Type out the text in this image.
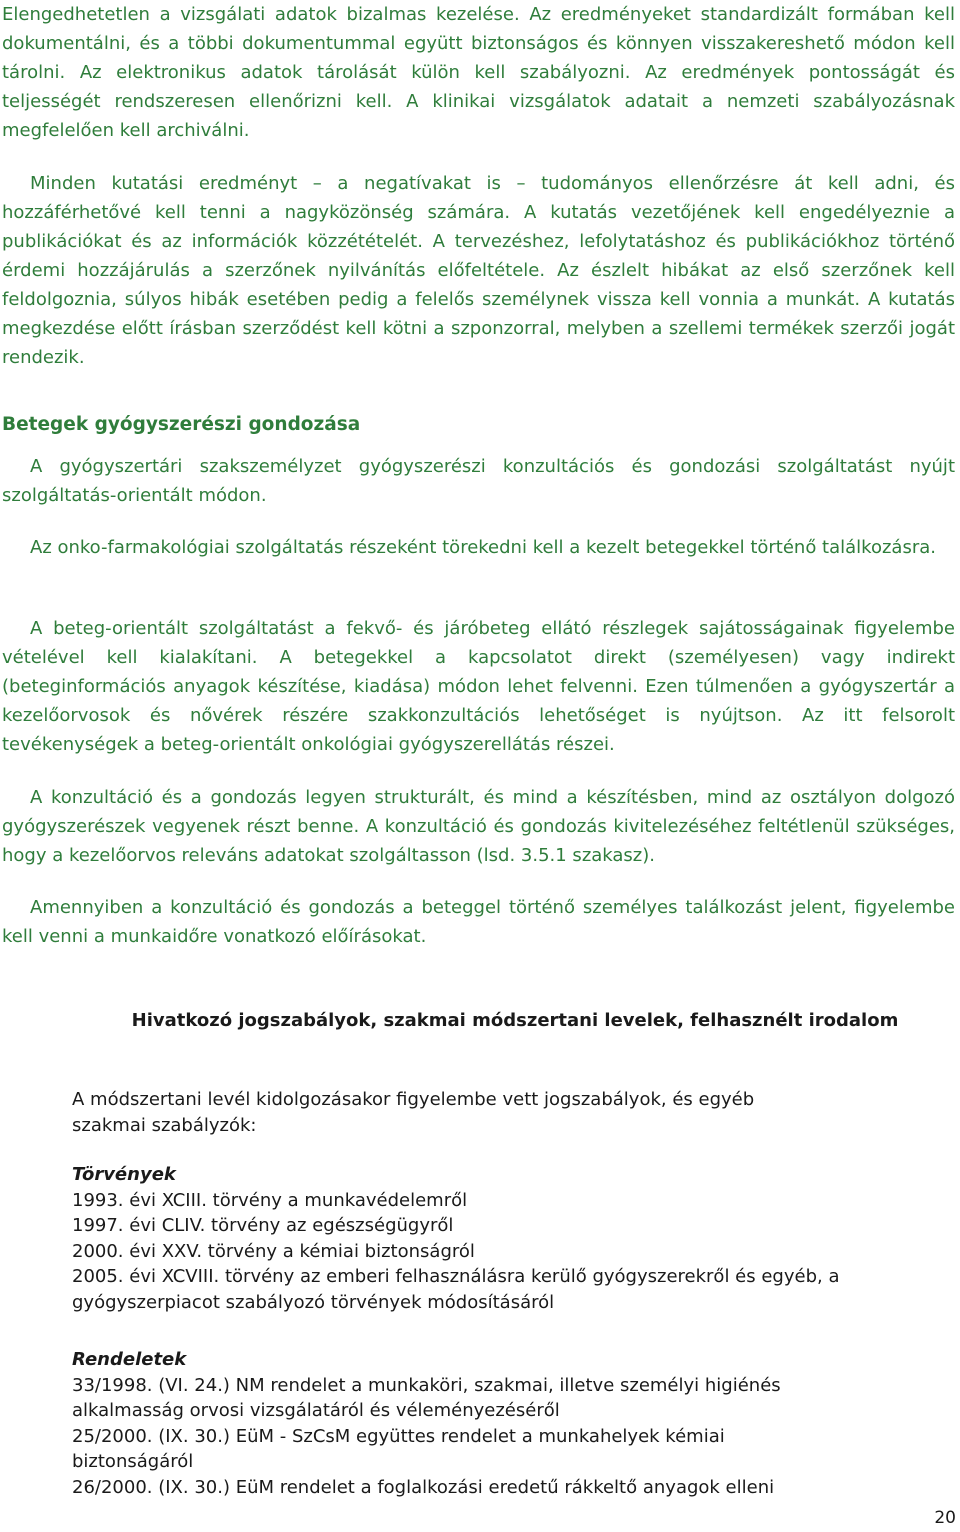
Elengedhetetlen a vizsgálati adatok bizalmas kezelése. Az eredményeket standardizált formában kell dokumentálni, és a többi dokumentummal együtt biztonságos és könnyen visszakereshető módon kell tárolni. Az elektronikus adatok tárolását külön kell szabályozni. Az eredmények pontosságát és teljességét rendszeresen ellenőrizni kell. A klinikai vizsgálatok adatait a nemzeti szabályozásnak megfelelően kell archiválni.

Minden kutatási eredményt – a negatívakat is – tudományos ellenőrzésre át kell adni, és hozzáférhetővé kell tenni a nagyközönség számára. A kutatás vezetőjének kell engedélyeznie a publikációkat és az információk közzétételét. A tervezéshez, lefolytatáshoz és publikációkhoz történő érdemi hozzájárulás a szerzőnek nyilvánítás előfeltétele. Az észlelt hibákat az első szerzőnek kell feldolgoznia, súlyos hibák esetében pedig a felelős személynek vissza kell vonnia a munkát. A kutatás megkezdése előtt írásban szerződést kell kötni a szponzorral, melyben a szellemi termékek szerzői jogát rendezik.

Betegek gyógyszerészi gondozása

A gyógyszertári szakszemélyzet gyógyszerészi konzultációs és gondozási szolgáltatást nyújt szolgáltatás-orientált módon.

Az onko-farmakológiai szolgáltatás részeként törekedni kell a kezelt betegekkel történő találkozásra.

A beteg-orientált szolgáltatást a fekvő- és járóbeteg ellátó részlegek sajátosságainak figyelembe vételével kell kialakítani. A betegekkel a kapcsolatot direkt (személyesen) vagy indirekt (beteginformációs anyagok készítése, kiadása) módon lehet felvenni. Ezen túlmenően a gyógyszertár a kezelőorvosok és nővérek részére szakkonzultációs lehetőséget is nyújtson. Az itt felsorolt tevékenységek a beteg-orientált onkológiai gyógyszerellátás részei.

A konzultáció és a gondozás legyen strukturált, és mind a készítésben, mind az osztályon dolgozó gyógyszerészek vegyenek részt benne. A konzultáció és gondozás kivitelezéséhez feltétlenül szükséges, hogy a kezelőorvos releváns adatokat szolgáltasson (lsd. 3.5.1 szakasz).

Amennyiben a konzultáció és gondozás a beteggel történő személyes találkozást jelent, figyelembe kell venni a munkaidőre vonatkozó előírásokat.

Hivatkozó jogszabályok, szakmai módszertani levelek, felhasznélt irodalom

A módszertani levél kidolgozásakor figyelembe vett jogszabályok, és egyéb szakmai szabályzók:

Törvények

1993. évi XCIII. törvény a munkavédelemről

1997. évi CLIV. törvény az egészségügyről

2000. évi XXV. törvény a kémiai biztonságról

2005. évi XCVIII. törvény az emberi felhasználásra kerülő gyógyszerekről és egyéb, a gyógyszerpiacot szabályozó törvények módosításáról

Rendeletek

33/1998. (VI. 24.) NM rendelet a munkaköri, szakmai, illetve személyi higiénés alkalmasság orvosi vizsgálatáról és véleményezéséről

25/2000. (IX. 30.) EüM - SzCsM együttes rendelet a munkahelyek kémiai biztonságáról

26/2000. (IX. 30.) EüM rendelet a foglalkozási eredetű rákkeltő anyagok elleni

20
